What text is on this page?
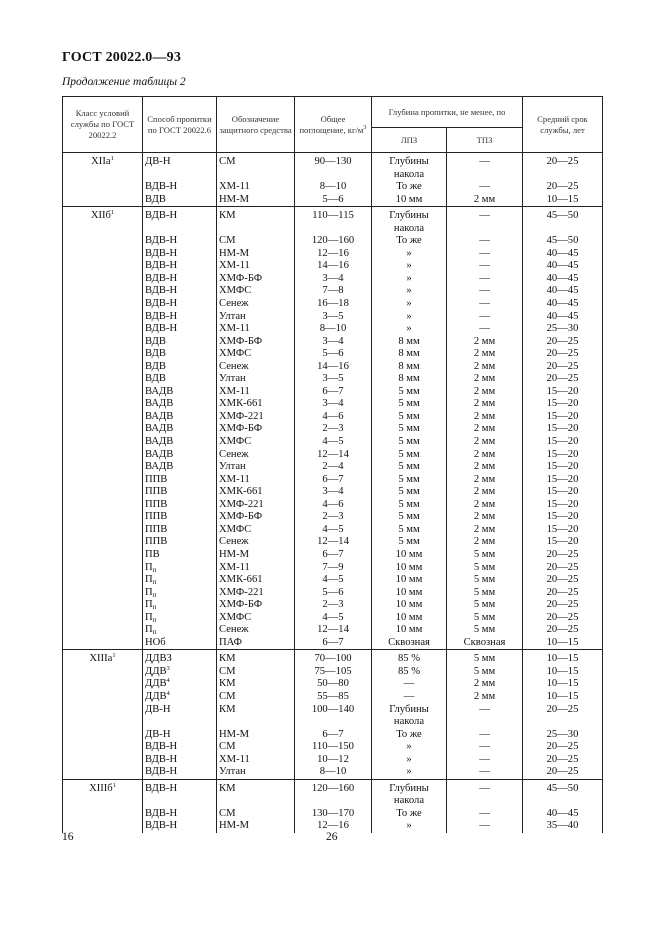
ГОСТ 20022.0—93
Продолжение таблицы 2
Класс условий службы по ГОСТ 20022.2	Способ пропитки по ГОСТ 20022.6	Обозначение защитного средства	Общее поглощение, $кг/м^3$	Глубина пропитки, не менее, по		Средний срок службы, лет
				ЛПЗ	ТПЗ	
XIIa$^1$	ДВ-Н	СМ	90—130	Глубины	—	20—25
				накола		
	ВДВ-Н	ХМ-11	8—10	То же	—	20—25
	ВДВ	НМ-М	5—6	10 мм	2 мм	10—15
XIIб$^1$	ВДВ-Н	КМ	110—115	Глубины	—	45—50
				накола		
	ВДВ-Н	СМ	120—160	То же	—	45—50
	ВДВ-Н	НМ-М	12—16	»	—	40—45
	ВДВ-Н	ХМ-11	14—16	»	—	40—45
	ВДВ-Н	ХМФ-БФ	3—4	»	—	40—45
	ВДВ-Н	ХМФС	7—8	»	—	40—45
	ВДВ-Н	Сенеж	16—18	»	—	40—45
	ВДВ-Н	Ултан	3—5	»	—	40—45
	ВДВ-Н	ХМ-11	8—10	»	—	25—30
	ВДВ	ХМФ-БФ	3—4	8 мм	2 мм	20—25
	ВДВ	ХМФС	5—6	8 мм	2 мм	20—25
	ВДВ	Сенеж	14—16	8 мм	2 мм	20—25
	ВДВ	Ултан	3—5	8 мм	2 мм	20—25
	ВАДВ	ХМ-11	6—7	5 мм	2 мм	15—20
	ВАДВ	ХМК-661	3—4	5 мм	2 мм	15—20
	ВАДВ	ХМФ-221	4—6	5 мм	2 мм	15—20
	ВАДВ	ХМФ-БФ	2—3	5 мм	2 мм	15—20
	ВАДВ	ХМФС	4—5	5 мм	2 мм	15—20
	ВАДВ	Сенеж	12—14	5 мм	2 мм	15—20
	ВАДВ	Ултан	2—4	5 мм	2 мм	15—20
	ППВ	ХМ-11	6—7	5 мм	2 мм	15—20
	ППВ	ХМК-661	3—4	5 мм	2 мм	15—20
	ППВ	ХМФ-221	4—6	5 мм	2 мм	15—20
	ППВ	ХМФ-БФ	2—3	5 мм	2 мм	15—20
	ППВ	ХМФС	4—5	5 мм	2 мм	15—20
	ППВ	Сенеж	12—14	5 мм	2 мм	15—20
	ПВ	НМ-М	6—7	10 мм	5 мм	20—25
	$П_п$	ХМ-11	7—9	10 мм	5 мм	20—25
	$П_п$	ХМК-661	4—5	10 мм	5 мм	20—25
	$П_п$	ХМФ-221	5—6	10 мм	5 мм	20—25
	$П_п$	ХМФ-БФ	2—3	10 мм	5 мм	20—25
	$П_п$	ХМФС	4—5	10 мм	5 мм	20—25
	$П_п$	Сенеж	12—14	10 мм	5 мм	20—25
	НОб	ПАФ	6—7	Сквозная	Сквозная	10—15
XIIIa$^1$	ДДВЗ	КМ	70—100	85 %	5 мм	10—15
	ДДВ$^3$	СМ	75—105	85 %	5 мм	10—15
	ДДВ$^4$	КМ	50—80	—	2 мм	10—15
	ДДВ$^4$	СМ	55—85	—	2 мм	10—15
	ДВ-Н	КМ	100—140	Глубины	—	20—25
				накола		
	ДВ-Н	НМ-М	6—7	То же	—	25—30
	ВДВ-Н	СМ	110—150	»	—	20—25
	ВДВ-Н	ХМ-11	10—12	»	—	20—25
	ВДВ-Н	Ултан	8—10	»	—	20—25
XIIIб$^1$	ВДВ-Н	КМ	120—160	Глубины	—	45—50
				накола		
	ВДВ-Н	СМ	130—170	То же	—	40—45
	ВДВ-Н	НМ-М	12—16	»	—	35—40
16	26
